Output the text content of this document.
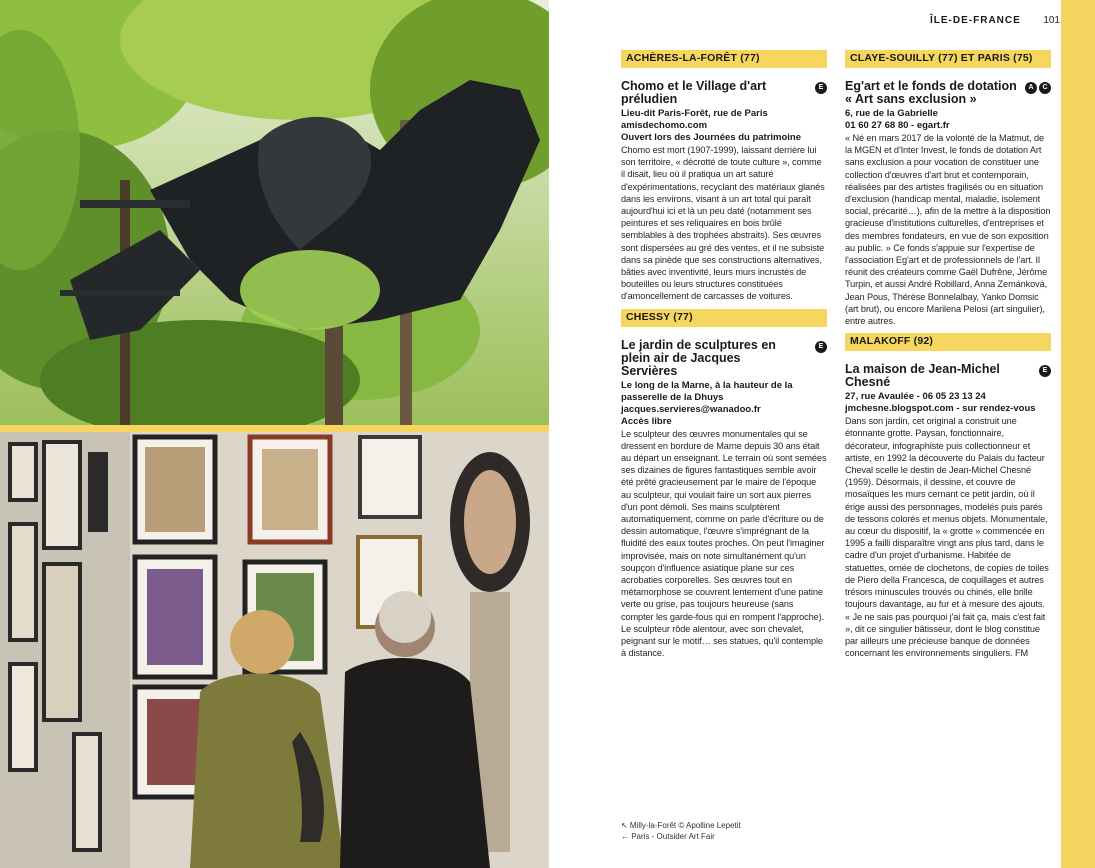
ÎLE-DE-FRANCE 101
ACHÈRES-LA-FORÊT (77)
Chomo et le Village d'art préludien
E
Lieu-dit Paris-Forêt, rue de Paris
amisdechomo.com
Ouvert lors des Journées du patrimoine

Chomo est mort (1907-1999), laissant derrière lui son territoire, « décrotté de toute culture », comme il disait, lieu où il pratiqua un art saturé d'expérimentations, recyclant des matériaux glanés dans les environs, visant à un art total qui paraît aujourd'hui ici et là un peu daté (notamment ses peintures et ses reliquaires en bois brûlé semblables à des trophées abstraits). Ses œuvres sont dispersées au gré des ventes, et il ne subsiste dans sa pinède que ses constructions alternatives, bâties avec inventivité, leurs murs incrustés de bouteilles ou leurs structures constituées d'amoncellement de carcasses de voitures.

CHESSY (77)
Le jardin de sculptures en plein air de Jacques Servières
E
Le long de la Marne, à la hauteur de la passerelle de la Dhuys
jacques.servieres@wanadoo.fr
Accès libre

Le sculpteur des œuvres monumentales qui se dressent en bordure de Marne depuis 30 ans était au départ un enseignant. Le terrain où sont semées ses dizaines de figures fantastiques semble avoir été prêté gracieusement par le maire de l'époque au sculpteur, qui voulait faire un sort aux pierres d'un pont démoli. Ses mains sculptèrent automatiquement, comme on parle d'écriture ou de dessin automatique, l'œuvre s'imprégnant de la fluidité des eaux toutes proches. On peut l'imaginer improvisée, mais on note simultanément qu'un soupçon d'influence asiatique plane sur ces acrobaties corporelles. Ses œuvres tout en métamorphose se couvrent lentement d'une patine verte ou grise, pas toujours heureuse (sans compter les garde-fous qui en rompent l'approche). Le sculpteur rôde alentour, avec son chevalet, peignant sur le motif… ses statues, qu'il contemple à distance.

CLAYE-SOUILLY (77) ET PARIS (75)
Eg'art et le fonds de dotation « Art sans exclusion »
A	C
6, rue de la Gabrielle
01 60 27 68 80 - egart.fr

« Né en mars 2017 de la volonté de la Matmut, de la MGEN et d'Inter Invest, le fonds de dotation Art sans exclusion a pour vocation de constituer une collection d'œuvres d'art brut et contemporain, réalisées par des artistes fragilisés ou en situation d'exclusion (handicap mental, maladie, isolement social, précarité…), afin de la mettre à la disposition gracieuse d'institutions culturelles, d'entreprises et des membres fondateurs, en vue de son exposition au public. » Ce fonds s'appuie sur l'expertise de l'association Eg'art et de professionnels de l'art. Il réunit des créateurs comme Gaël Dufrêne, Jérôme Turpin, et aussi André Robillard, Anna Zemánková, Jean Pous, Thérèse Bonnelalbay, Yanko Domsic (art brut), ou encore Marilena Pelosi (art singulier), entre autres.

MALAKOFF (92)
La maison de Jean-Michel Chesné
E
27, rue Avaulée - 06 05 23 13 24
jmchesne.blogspot.com - sur rendez-vous

Dans son jardin, cet original a construit une étonnante grotte. Paysan, fonctionnaire, décorateur, infographiste puis collectionneur et artiste, en 1992 la découverte du Palais du facteur Cheval scelle le destin de Jean-Michel Chesné (1959). Désormais, il dessine, et couvre de mosaïques les murs cernant ce petit jardin, où il érige aussi des personnages, modelés puis parés de tessons colorés et menus objets. Monumentale, au cœur du dispositif, la « grotte » commencée en 1995 a failli disparaître vingt ans plus tard, dans le cadre d'un projet d'urbanisme. Habitée de statuettes, ornée de clochetons, de copies de toiles de Piero della Francesca, de coquillages et autres trésors minuscules trouvés ou chinés, elle brille toujours davantage, au fur et à mesure des ajouts. « Je ne sais pas pourquoi j'ai fait ça, mais c'est fait », dit ce singulier bâtisseur, dont le blog constitue par ailleurs une précieuse banque de données concernant les environnements singuliers. FM

↖ Milly-la-Forêt © Apolline Lepetit
← Paris - Outsider Art Fair
